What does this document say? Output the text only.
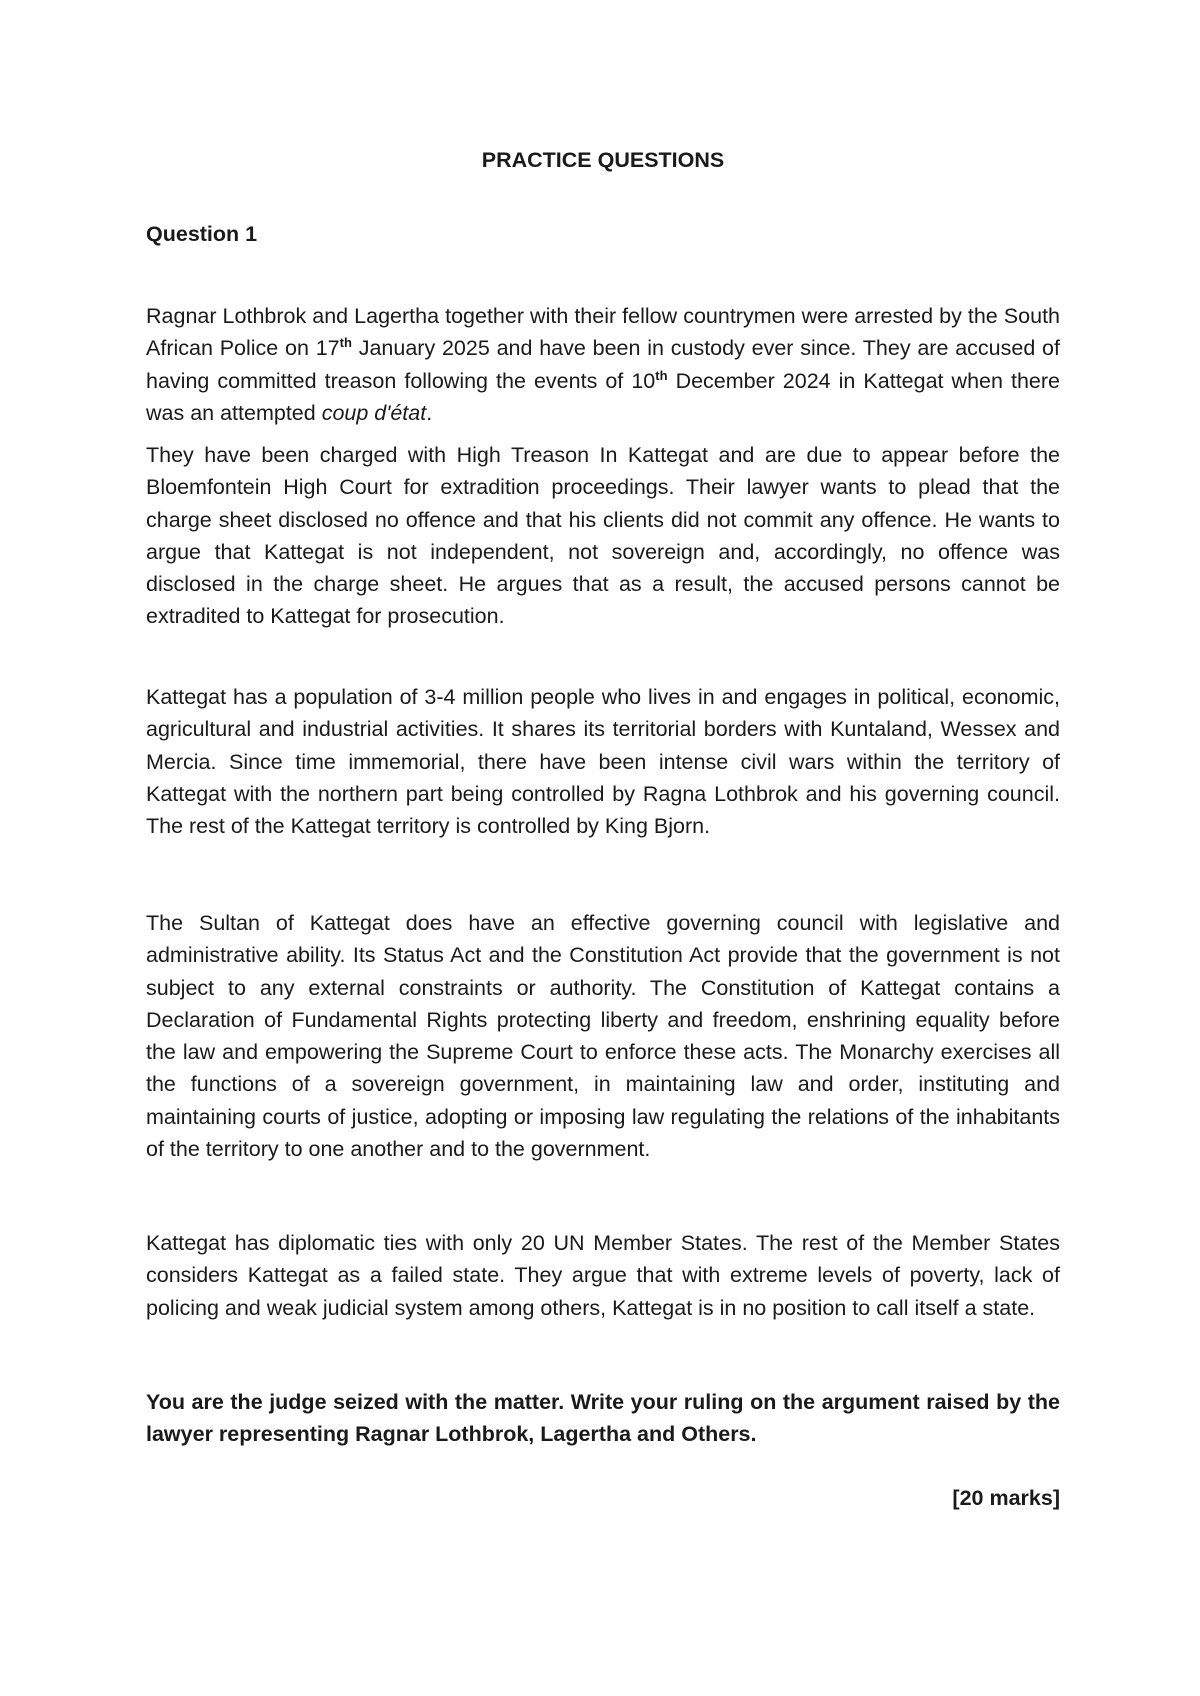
PRACTICE QUESTIONS
Question 1

Ragnar Lothbrok and Lagertha together with their fellow countrymen were arrested by the South African Police on 17th January 2025 and have been in custody ever since. They are accused of having committed treason following the events of 10th December 2024 in Kattegat when there was an attempted coup d'état.

They have been charged with High Treason In Kattegat and are due to appear before the Bloemfontein High Court for extradition proceedings. Their lawyer wants to plead that the charge sheet disclosed no offence and that his clients did not commit any offence. He wants to argue that Kattegat is not independent, not sovereign and, accordingly, no offence was disclosed in the charge sheet. He argues that as a result, the accused persons cannot be extradited to Kattegat for prosecution.

Kattegat has a population of 3-4 million people who lives in and engages in political, economic, agricultural and industrial activities. It shares its territorial borders with Kuntaland, Wessex and Mercia. Since time immemorial, there have been intense civil wars within the territory of Kattegat with the northern part being controlled by Ragna Lothbrok and his governing council. The rest of the Kattegat territory is controlled by King Bjorn.

The Sultan of Kattegat does have an effective governing council with legislative and administrative ability. Its Status Act and the Constitution Act provide that the government is not subject to any external constraints or authority. The Constitution of Kattegat contains a Declaration of Fundamental Rights protecting liberty and freedom, enshrining equality before the law and empowering the Supreme Court to enforce these acts. The Monarchy exercises all the functions of a sovereign government, in maintaining law and order, instituting and maintaining courts of justice, adopting or imposing law regulating the relations of the inhabitants of the territory to one another and to the government.

Kattegat has diplomatic ties with only 20 UN Member States. The rest of the Member States considers Kattegat as a failed state. They argue that with extreme levels of poverty, lack of policing and weak judicial system among others, Kattegat is in no position to call itself a state.

You are the judge seized with the matter. Write your ruling on the argument raised by the lawyer representing Ragnar Lothbrok, Lagertha and Others.

[20 marks]
